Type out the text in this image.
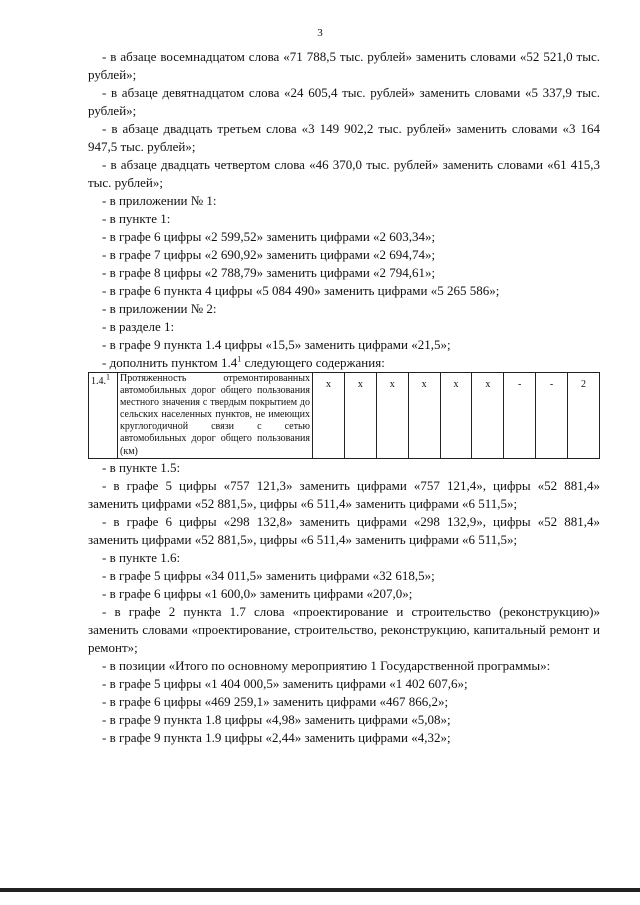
3

- в абзаце восемнадцатом слова «71 788,5 тыс. рублей» заменить словами «52 521,0 тыс. рублей»;

- в абзаце девятнадцатом слова «24 605,4 тыс. рублей» заменить словами «5 337,9 тыс. рублей»;

- в абзаце двадцать третьем слова «3 149 902,2 тыс. рублей» заменить словами «3 164 947,5 тыс. рублей»;

- в абзаце двадцать четвертом слова «46 370,0 тыс. рублей» заменить словами «61 415,3 тыс. рублей»;

- в приложении № 1:

- в пункте 1:

- в графе 6 цифры «2 599,52» заменить цифрами «2 603,34»;

- в графе 7 цифры «2 690,92» заменить цифрами «2 694,74»;

- в графе 8 цифры «2 788,79» заменить цифрами «2 794,61»;

- в графе 6 пункта 4 цифры «5 084 490» заменить цифрами «5 265 586»;

- в приложении № 2:

- в разделе 1:

- в графе 9 пункта 1.4 цифры «15,5» заменить цифрами «21,5»;

- дополнить пунктом $1.4^1$ следующего содержания:

1.4.$^1$	Протяженность отремонтированных автомобильных дорог общего пользования местного значения с твердым покрытием до сельских населенных пунктов, не имеющих круглогодичной связи с сетью автомобильных дорог общего пользования (км)	x	x	x	x	x	x	-	-	2

- в пункте 1.5:

- в графе 5 цифры «757 121,3» заменить цифрами «757 121,4», цифры «52 881,4» заменить цифрами «52 881,5», цифры «6 511,4» заменить цифрами «6 511,5»;

- в графе 6 цифры «298 132,8» заменить цифрами «298 132,9», цифры «52 881,4» заменить цифрами «52 881,5», цифры «6 511,4» заменить цифрами «6 511,5»;

- в пункте 1.6:

- в графе 5 цифры «34 011,5» заменить цифрами «32 618,5»;

- в графе 6 цифры «1 600,0» заменить цифрами «207,0»;

- в графе 2 пункта 1.7 слова «проектирование и строительство (реконструкцию)» заменить словами «проектирование, строительство, реконструкцию, капитальный ремонт и ремонт»;

- в позиции «Итого по основному мероприятию 1 Государственной программы»:

- в графе 5 цифры «1 404 000,5» заменить цифрами «1 402 607,6»;

- в графе 6 цифры «469 259,1» заменить цифрами «467 866,2»;

- в графе 9 пункта 1.8 цифры «4,98» заменить цифрами «5,08»;

- в графе 9 пункта 1.9 цифры «2,44» заменить цифрами «4,32»;
